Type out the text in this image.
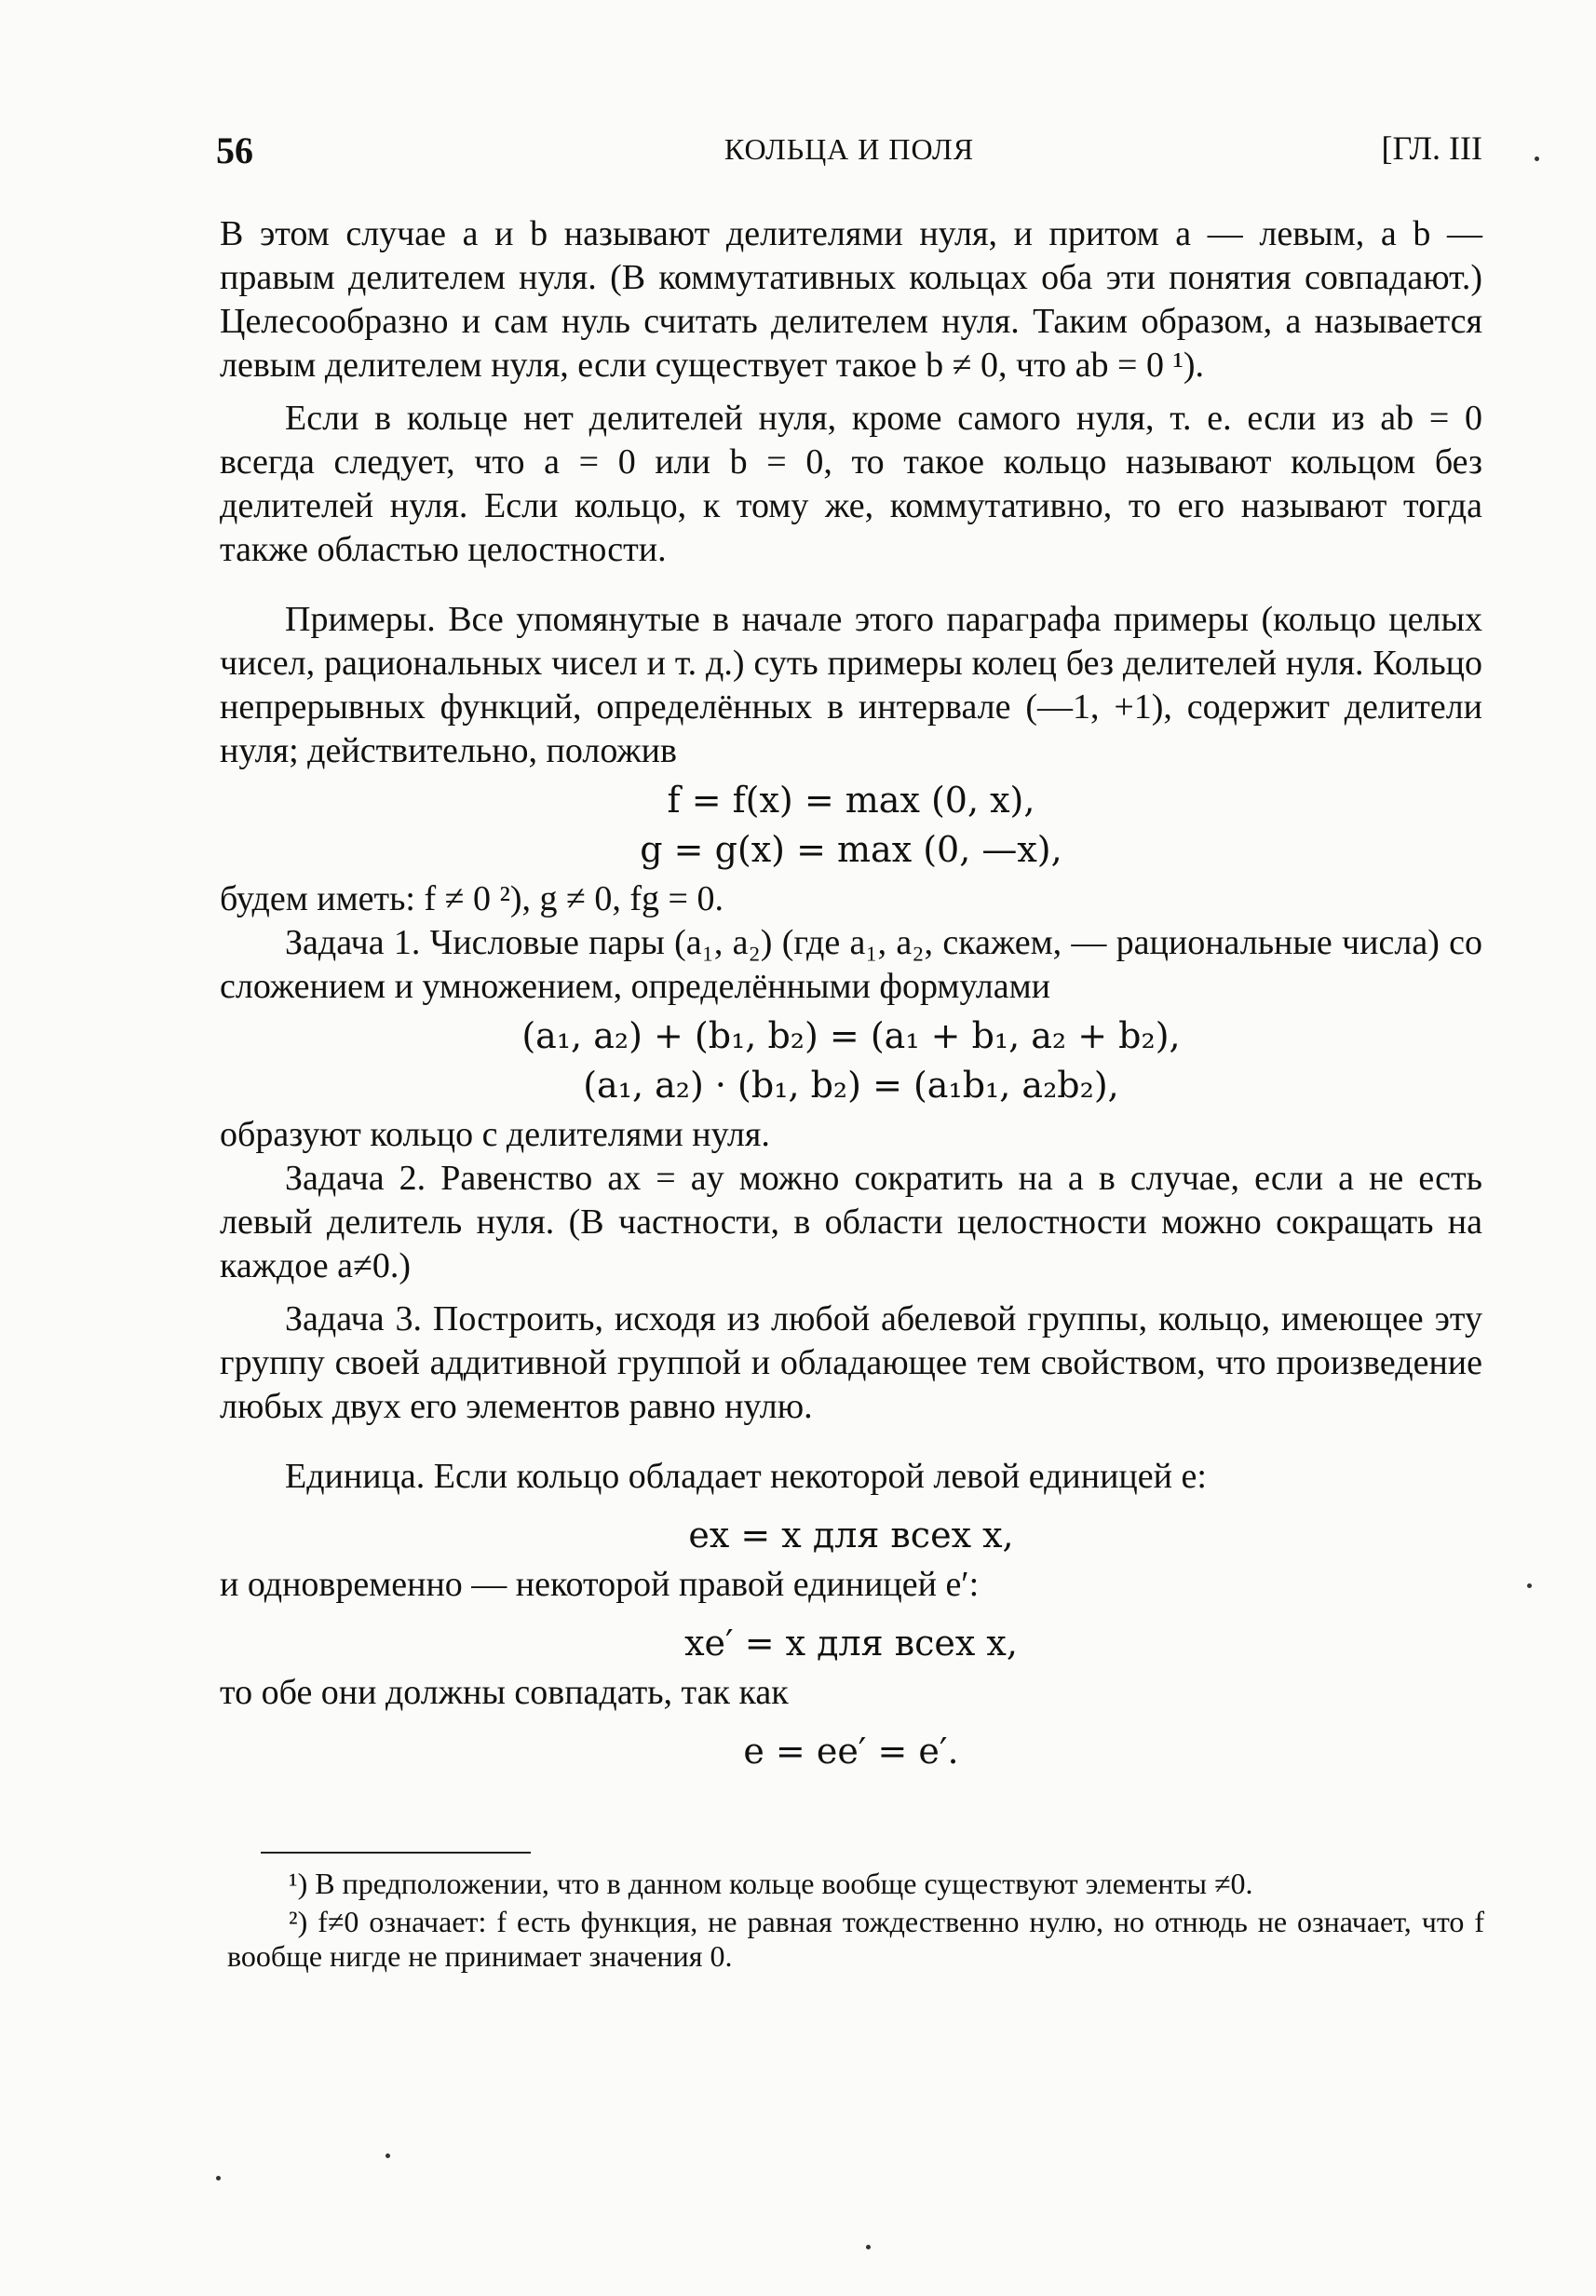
56	КОЛЬЦА И ПОЛЯ	[ГЛ. III

В этом случае a и b называют делителями нуля, и притом a — левым, a b — правым делителем нуля. (В коммутативных кольцах оба эти понятия совпадают.) Целесообразно и сам нуль считать делителем нуля. Таким образом, a называется левым делителем нуля, если существует такое b ≠ 0, что ab = 0 ¹).

Если в кольце нет делителей нуля, кроме самого нуля, т. е. если из ab = 0 всегда следует, что a = 0 или b = 0, то такое кольцо называют кольцом без делителей нуля. Если кольцо, к тому же, коммутативно, то его называют тогда также областью целостности.

Примеры. Все упомянутые в начале этого параграфа примеры (кольцо целых чисел, рациональных чисел и т. д.) суть примеры колец без делителей нуля. Кольцо непрерывных функций, определённых в интервале (—1, +1), содержит делители нуля; действительно, положив

f = f(x) = max (0, x),
g = g(x) = max (0, —x),

будем иметь: f ≠ 0 ²), g ≠ 0, fg = 0.

Задача 1. Числовые пары (a₁, a₂) (где a₁, a₂, скажем, — рациональные числа) со сложением и умножением, определёнными формулами

(a₁, a₂) + (b₁, b₂) = (a₁ + b₁, a₂ + b₂),
(a₁, a₂) · (b₁, b₂) = (a₁b₁, a₂b₂),

образуют кольцо с делителями нуля.

Задача 2. Равенство ax = ay можно сократить на a в случае, если a не есть левый делитель нуля. (В частности, в области целостности можно сокращать на каждое a≠0.)

Задача 3. Построить, исходя из любой абелевой группы, кольцо, имеющее эту группу своей аддитивной группой и обладающее тем свойством, что произведение любых двух его элементов равно нулю.

Единица. Если кольцо обладает некоторой левой единицей e:

ex = x для всех x,

и одновременно — некоторой правой единицей e′:

xe′ = x для всех x,

то обе они должны совпадать, так как

e = ee′ = e′.

¹) В предположении, что в данном кольце вообще существуют элементы ≠0.

²) f≠0 означает: f есть функция, не равная тождественно нулю, но отнюдь не означает, что f вообще нигде не принимает значения 0.
